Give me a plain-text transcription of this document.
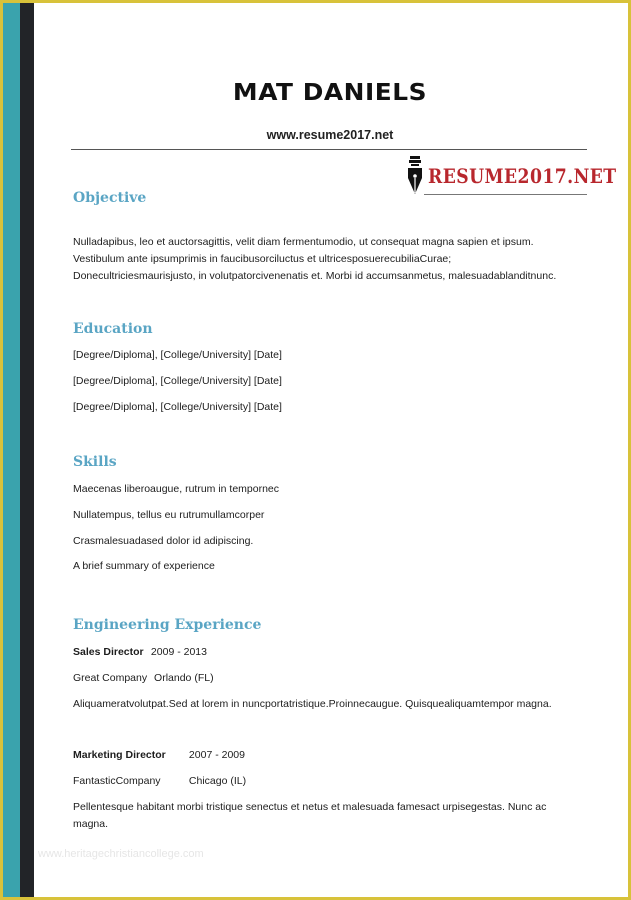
MAT DANIELS
www.resume2017.net
RESUME2017.NET
Objective
Nulladapibus, leo et auctorsagittis, velit diam fermentumodio, ut consequat magna sapien et ipsum.
Vestibulum ante ipsumprimis in faucibusorciluctus et ultricesposuerecubiliaCurae;
Donecultriciesmaurisjusto, in volutpatorcivenenatis et. Morbi id accumsanmetus, malesuadablanditnunc.
Education
[Degree/Diploma], [College/University] [Date]
[Degree/Diploma], [College/University] [Date]
[Degree/Diploma], [College/University] [Date]
Skills
Maecenas liberoaugue, rutrum in tempornec
Nullatempus, tellus eu rutrumullamcorper
Crasmalesuadased dolor id adipiscing.
A brief summary of experience
Engineering Experience
Sales Director 2009 - 2013
Great Company Orlando (FL)
Aliquameratvolutpat.Sed at lorem in nuncportatristique.Proinnecaugue. Quisquealiquamtempor magna.
Marketing Director 2007 - 2009
FantasticCompany	Chicago (IL)
Pellentesque habitant morbi tristique senectus et netus et malesuada famesact urpisegestas. Nunc ac magna.
www.heritagechristiancollege.com
